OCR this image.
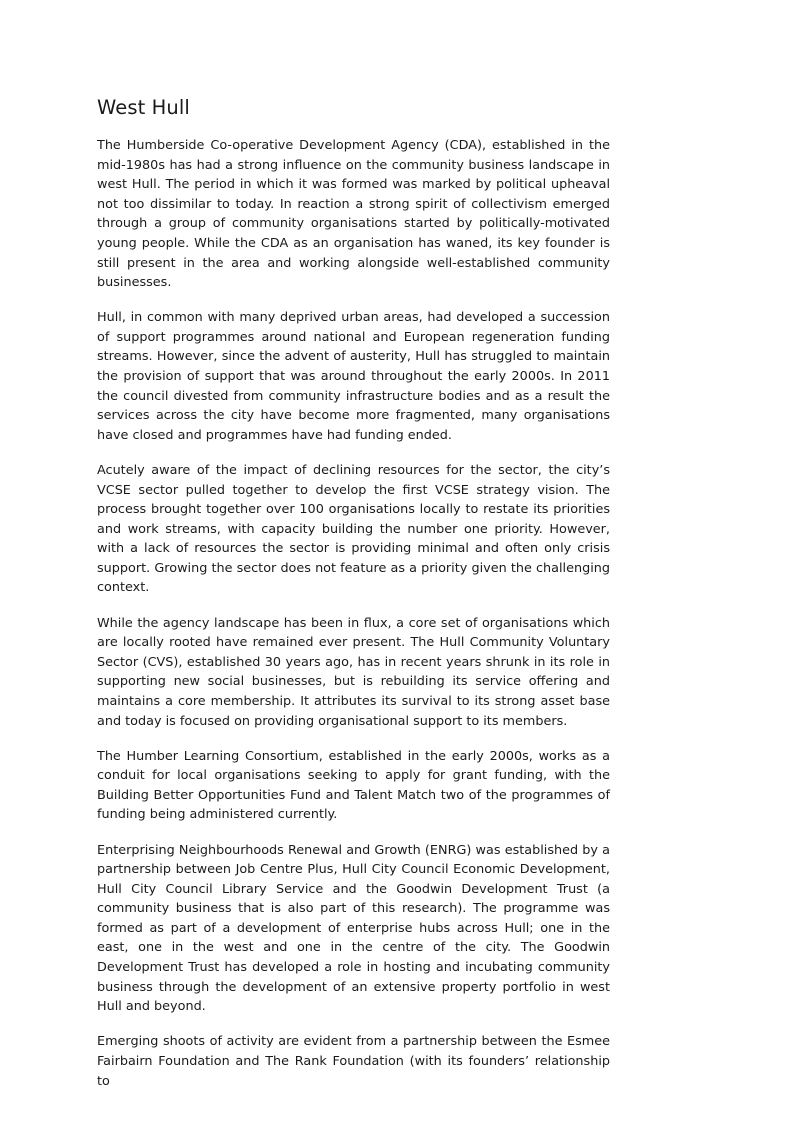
West Hull

The Humberside Co-operative Development Agency (CDA), established in the mid-1980s has had a strong influence on the community business landscape in west Hull. The period in which it was formed was marked by political upheaval not too dissimilar to today. In reaction a strong spirit of collectivism emerged through a group of community organisations started by politically-motivated young people. While the CDA as an organisation has waned, its key founder is still present in the area and working alongside well-established community businesses.

Hull, in common with many deprived urban areas, had developed a succession of support programmes around national and European regeneration funding streams. However, since the advent of austerity, Hull has struggled to maintain the provision of support that was around throughout the early 2000s. In 2011 the council divested from community infrastructure bodies and as a result the services across the city have become more fragmented, many organisations have closed and programmes have had funding ended.

Acutely aware of the impact of declining resources for the sector, the city’s VCSE sector pulled together to develop the first VCSE strategy vision. The process brought together over 100 organisations locally to restate its priorities and work streams, with capacity building the number one priority. However, with a lack of resources the sector is providing minimal and often only crisis support. Growing the sector does not feature as a priority given the challenging context.

While the agency landscape has been in flux, a core set of organisations which are locally rooted have remained ever present. The Hull Community Voluntary Sector (CVS), established 30 years ago, has in recent years shrunk in its role in supporting new social businesses, but is rebuilding its service offering and maintains a core membership. It attributes its survival to its strong asset base and today is focused on providing organisational support to its members.

The Humber Learning Consortium, established in the early 2000s, works as a conduit for local organisations seeking to apply for grant funding, with the Building Better Opportunities Fund and Talent Match two of the programmes of funding being administered currently.

Enterprising Neighbourhoods Renewal and Growth (ENRG) was established by a partnership between Job Centre Plus, Hull City Council Economic Development, Hull City Council Library Service and the Goodwin Development Trust (a community business that is also part of this research). The programme was formed as part of a development of enterprise hubs across Hull; one in the east, one in the west and one in the centre of the city. The Goodwin Development Trust has developed a role in hosting and incubating community business through the development of an extensive property portfolio in west Hull and beyond.

Emerging shoots of activity are evident from a partnership between the Esmee Fairbairn Foundation and The Rank Foundation (with its founders’ relationship to
